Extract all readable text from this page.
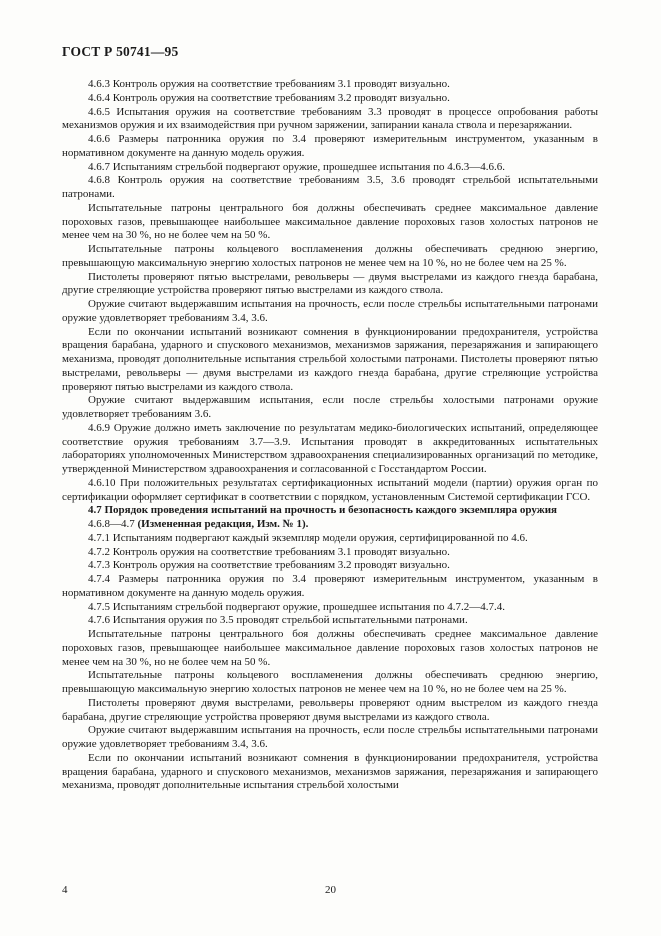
ГОСТ Р 50741—95

4.6.3 Контроль оружия на соответствие требованиям 3.1 проводят визуально.

4.6.4 Контроль оружия на соответствие требованиям 3.2 проводят визуально.

4.6.5 Испытания оружия на соответствие требованиям 3.3 проводят в процессе опробования работы механизмов оружия и их взаимодействия при ручном заряжении, запирании канала ствола и перезаряжании.

4.6.6 Размеры патронника оружия по 3.4 проверяют измерительным инструментом, указанным в нормативном документе на данную модель оружия.

4.6.7 Испытаниям стрельбой подвергают оружие, прошедшее испытания по 4.6.3—4.6.6.

4.6.8 Контроль оружия на соответствие требованиям 3.5, 3.6 проводят стрельбой испытательными патронами.

Испытательные патроны центрального боя должны обеспечивать среднее максимальное давление пороховых газов, превышающее наибольшее максимальное давление пороховых газов холостых патронов не менее чем на 30 %, но не более чем на 50 %.

Испытательные патроны кольцевого воспламенения должны обеспечивать среднюю энергию, превышающую максимальную энергию холостых патронов не менее чем на 10 %, но не более чем на 25 %.

Пистолеты проверяют пятью выстрелами, револьверы — двумя выстрелами из каждого гнезда барабана, другие стреляющие устройства проверяют пятью выстрелами из каждого ствола.

Оружие считают выдержавшим испытания на прочность, если после стрельбы испытательными патронами оружие удовлетворяет требованиям 3.4, 3.6.

Если по окончании испытаний возникают сомнения в функционировании предохранителя, устройства вращения барабана, ударного и спускового механизмов, механизмов заряжания, перезаряжания и запирающего механизма, проводят дополнительные испытания стрельбой холостыми патронами. Пистолеты проверяют пятью выстрелами, револьверы — двумя выстрелами из каждого гнезда барабана, другие стреляющие устройства проверяют пятью выстрелами из каждого ствола.

Оружие считают выдержавшим испытания, если после стрельбы холостыми патронами оружие удовлетворяет требованиям 3.6.

4.6.9 Оружие должно иметь заключение по результатам медико-биологических испытаний, определяющее соответствие оружия требованиям 3.7—3.9. Испытания проводят в аккредитованных испытательных лабораториях уполномоченных Министерством здравоохранения специализированных организаций по методике, утвержденной Министерством здравоохранения и согласованной с Госстандартом России.

4.6.10 При положительных результатах сертификационных испытаний модели (партии) оружия орган по сертификации оформляет сертификат в соответствии с порядком, установленным Системой сертификации ГСО.

4.7 Порядок проведения испытаний на прочность и безопасность каждого экземпляра оружия

4.6.8—4.7 (Измененная редакция, Изм. № 1).

4.7.1 Испытаниям подвергают каждый экземпляр модели оружия, сертифицированной по 4.6.

4.7.2 Контроль оружия на соответствие требованиям 3.1 проводят визуально.

4.7.3 Контроль оружия на соответствие требованиям 3.2 проводят визуально.

4.7.4 Размеры патронника оружия по 3.4 проверяют измерительным инструментом, указанным в нормативном документе на данную модель оружия.

4.7.5 Испытаниям стрельбой подвергают оружие, прошедшее испытания по 4.7.2—4.7.4.

4.7.6 Испытания оружия по 3.5 проводят стрельбой испытательными патронами.

Испытательные патроны центрального боя должны обеспечивать среднее максимальное давление пороховых газов, превышающее наибольшее максимальное давление пороховых газов холостых патронов не менее чем на 30 %, но не более чем на 50 %.

Испытательные патроны кольцевого воспламенения должны обеспечивать среднюю энергию, превышающую максимальную энергию холостых патронов не менее чем на 10 %, но не более чем на 25 %.

Пистолеты проверяют двумя выстрелами, револьверы проверяют одним выстрелом из каждого гнезда барабана, другие стреляющие устройства проверяют двумя выстрелами из каждого ствола.

Оружие считают выдержавшим испытания на прочность, если после стрельбы испытательными патронами оружие удовлетворяет требованиям 3.4, 3.6.

Если по окончании испытаний возникают сомнения в функционировании предохранителя, устройства вращения барабана, ударного и спускового механизмов, механизмов заряжания, перезаряжания и запирающего механизма, проводят дополнительные испытания стрельбой холостыми

4	20
